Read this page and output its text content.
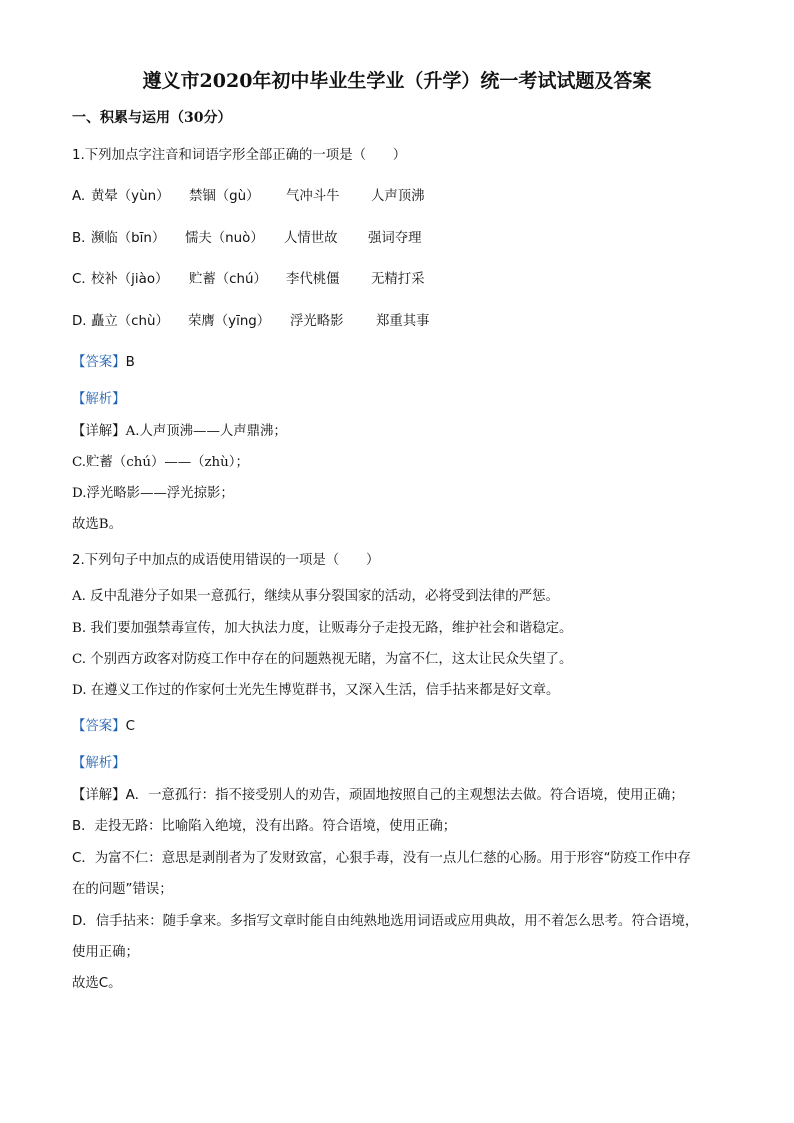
遵义市2020年初中毕业生学业（升学）统一考试试题及答案
一、积累与运用（30分）
1.下列加点字注音和词语字形全部正确的一项是（　　）
A. 黄晕（yùn） 禁锢（gù） 气冲斗牛 人声顶沸
B. 濒临（bīn） 懦夫（nuò） 人情世故 强词夺理
C. 校补（jiào） 贮蓄（chú） 李代桃僵 无精打采
D. 矗立（chù） 荣膺（yīng） 浮光略影 郑重其事
【答案】B
【解析】
【详解】A.人声顶沸——人声鼎沸；
C.贮蓄（chú）——（zhù）；
D.浮光略影——浮光掠影；
故选B。
2.下列句子中加点的成语使用错误的一项是（　　）
A. 反中乱港分子如果一意孤行，继续从事分裂国家的活动，必将受到法律的严惩。
B. 我们要加强禁毒宣传，加大执法力度，让贩毒分子走投无路，维护社会和谐稳定。
C. 个别西方政客对防疫工作中存在的问题熟视无睹，为富不仁，这太让民众失望了。
D. 在遵义工作过的作家何士光先生博览群书，又深入生活，信手拈来都是好文章。
【答案】C
【解析】
【详解】A．一意孤行：指不接受别人的劝告，顽固地按照自己的主观想法去做。符合语境，使用正确；
B．走投无路：比喻陷入绝境，没有出路。符合语境，使用正确；
C．为富不仁：意思是剥削者为了发财致富，心狠手毒，没有一点儿仁慈的心肠。用于形容“防疫工作中存
在的问题”错误；
D．信手拈来：随手拿来。多指写文章时能自由纯熟地选用词语或应用典故，用不着怎么思考。符合语境，
使用正确；
故选C。
